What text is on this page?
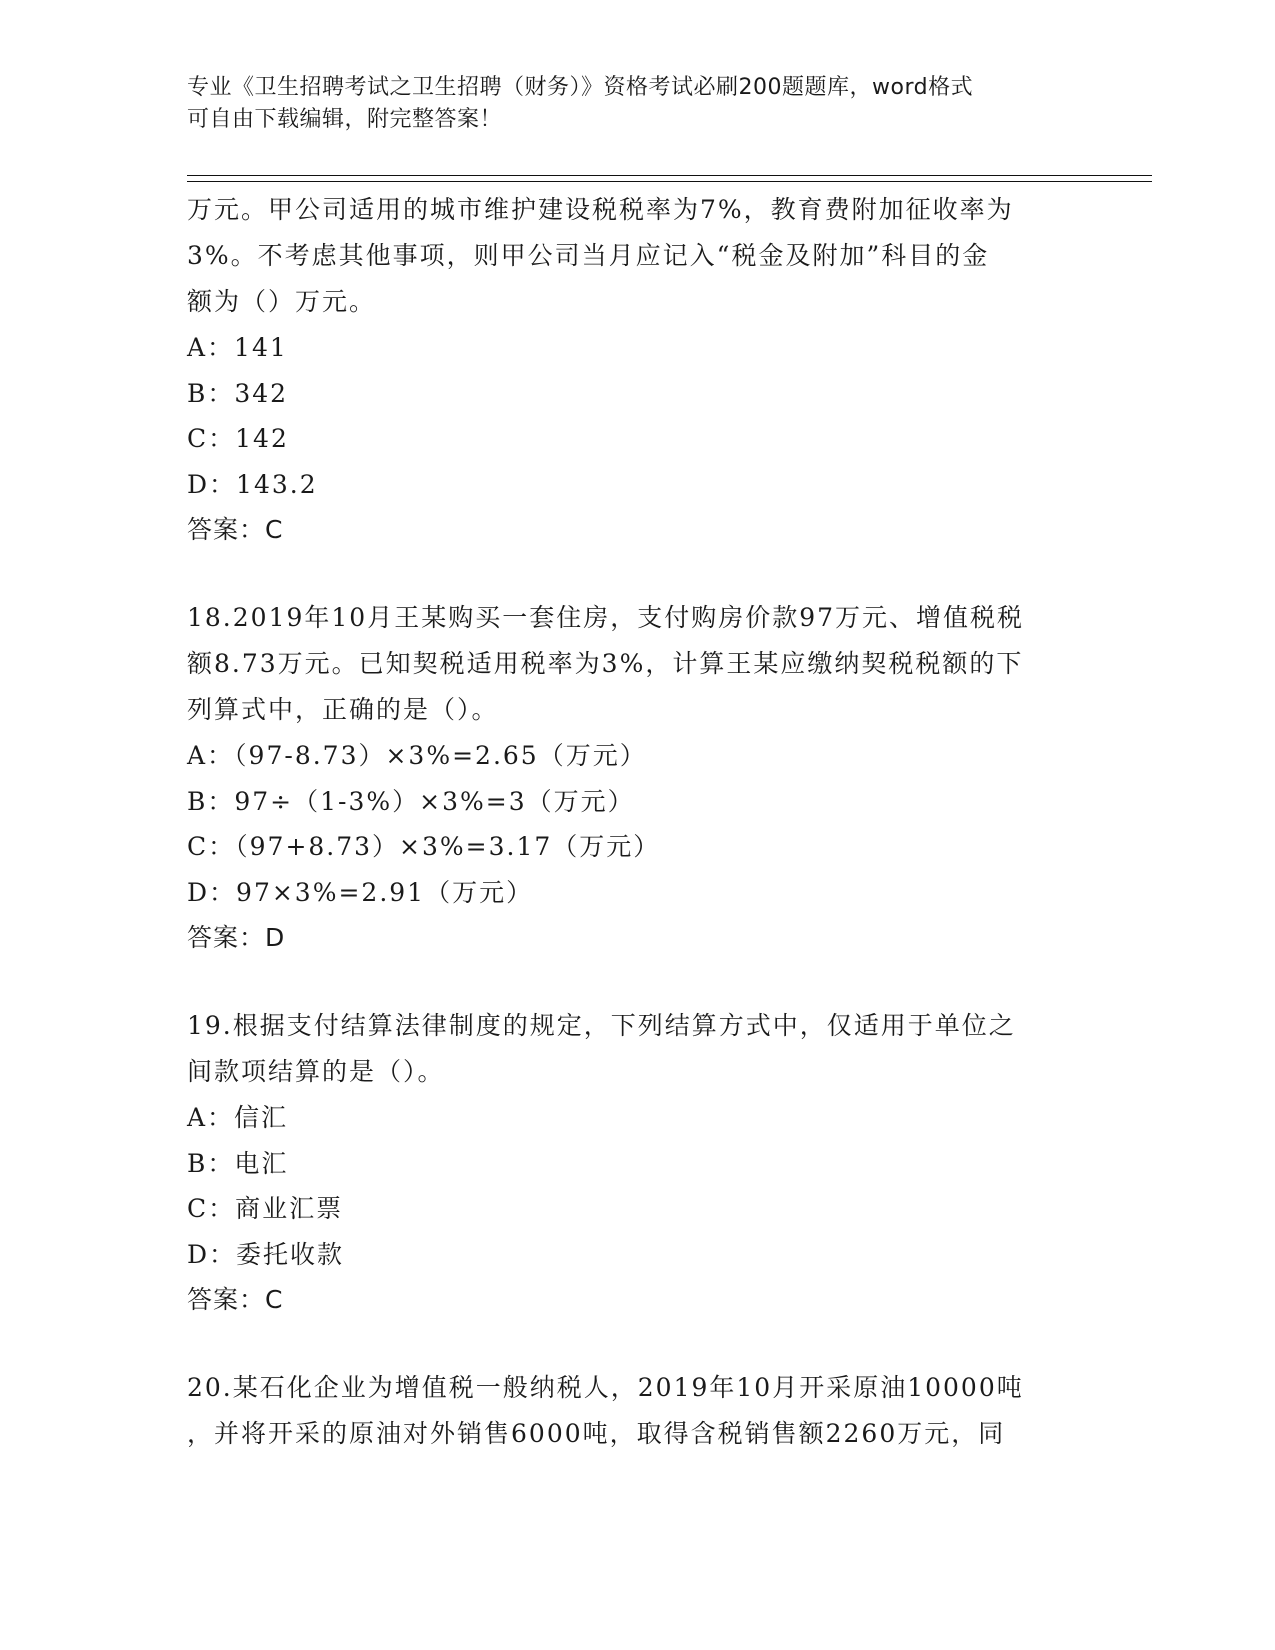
专业《卫生招聘考试之卫生招聘（财务）》资格考试必刷200题题库，word格式
可自由下载编辑，附完整答案！
万元。甲公司适用的城市维护建设税税率为7%，教育费附加征收率为
3%。不考虑其他事项，则甲公司当月应记入“税金及附加”科目的金
额为（）万元。
A：141
B：342
C：142
D：143.2
答案：C
18.2019年10月王某购买一套住房，支付购房价款97万元、增值税税
额8.73万元。已知契税适用税率为3%，计算王某应缴纳契税税额的下
列算式中，正确的是（）。
A：（97-8.73）×3%=2.65（万元）
B：97÷（1-3%）×3%=3（万元）
C：（97+8.73）×3%=3.17（万元）
D：97×3%=2.91（万元）
答案：D
19.根据支付结算法律制度的规定，下列结算方式中，仅适用于单位之
间款项结算的是（）。
A：信汇
B：电汇
C：商业汇票
D：委托收款
答案：C
20.某石化企业为增值税一般纳税人，2019年10月开采原油10000吨
，并将开采的原油对外销售6000吨，取得含税销售额2260万元，同
